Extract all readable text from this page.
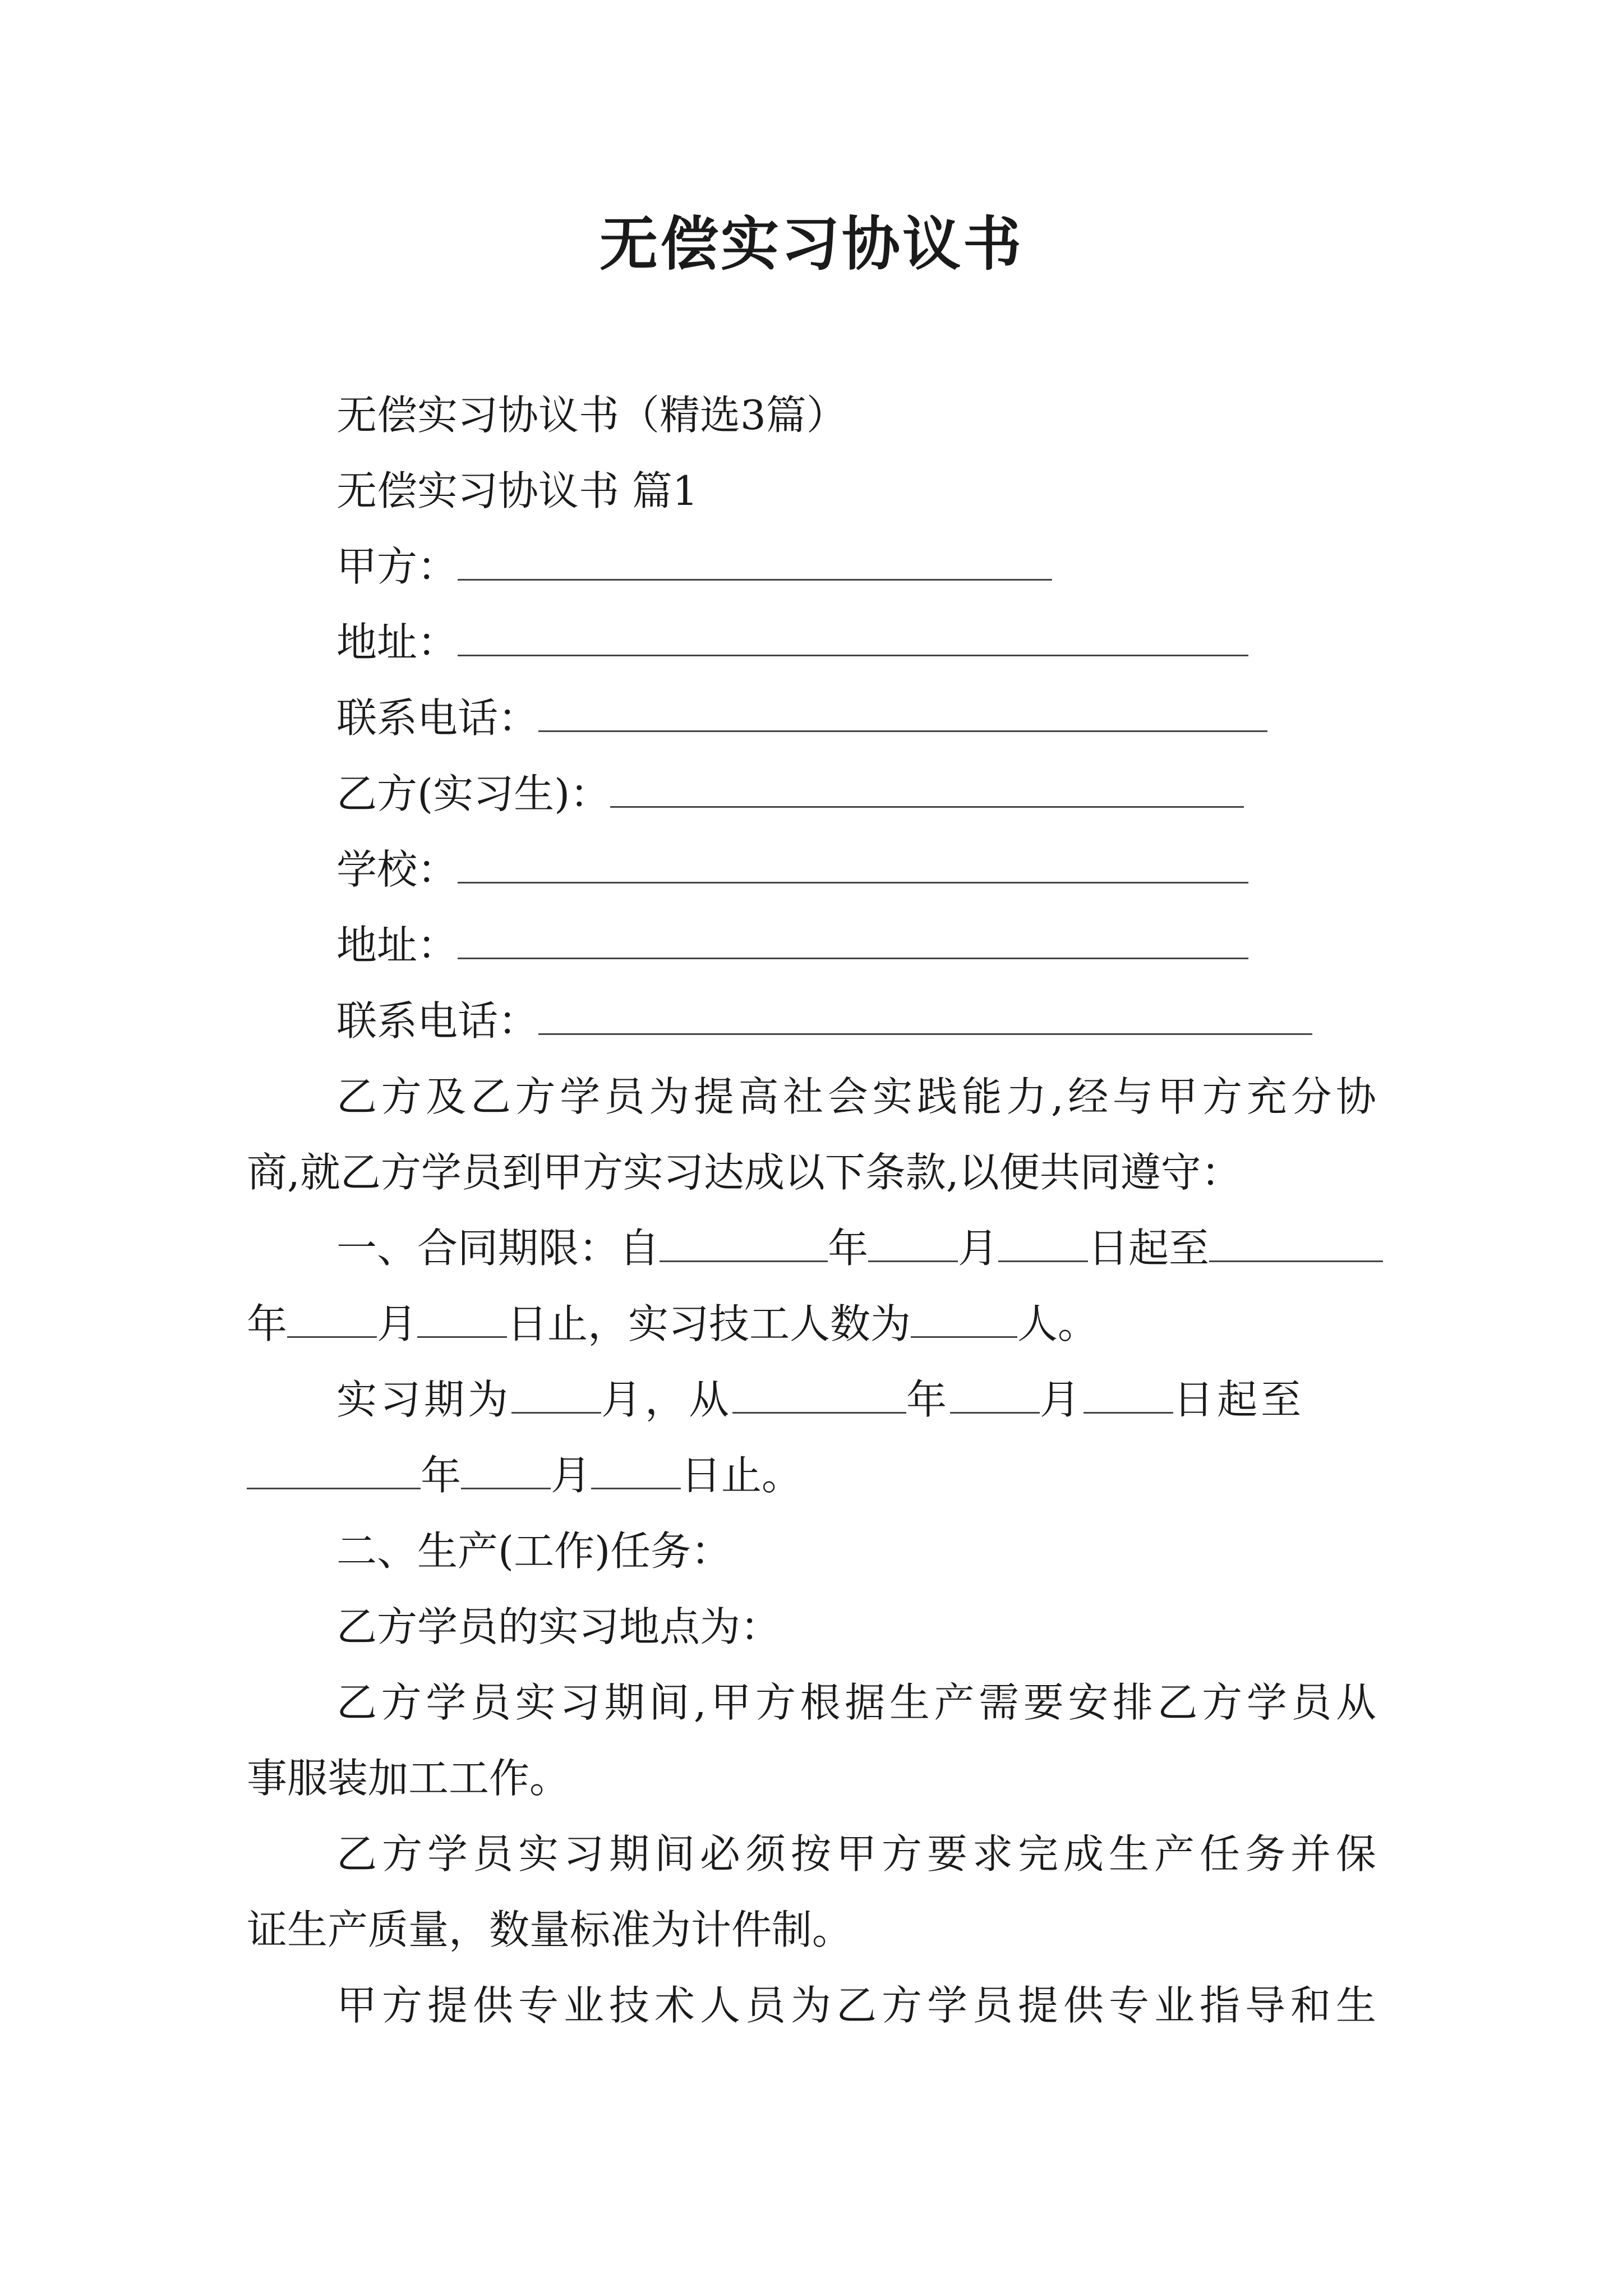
无偿实习协议书
无偿实习协议书（精选3篇）
无偿实习协议书 篇1
甲方：
地址：
联系电话：
乙方(实习生)：
学校：
地址：
联系电话：
乙方及乙方学员为提高社会实践能力,经与甲方充分协
商,就乙方学员到甲方实习达成以下条款,以便共同遵守：
一、合同期限：自	年 月 日起至
年 月 日止，实习技工人数为	人。
实习期为 月，从	年 月 日起至
年 月 日止。
二、生产(工作)任务：
乙方学员的实习地点为：
乙方学员实习期间,甲方根据生产需要安排乙方学员从
事服装加工工作。
乙方学员实习期间必须按甲方要求完成生产任务并保
证生产质量，数量标准为计件制。
甲方提供专业技术人员为乙方学员提供专业指导和生
